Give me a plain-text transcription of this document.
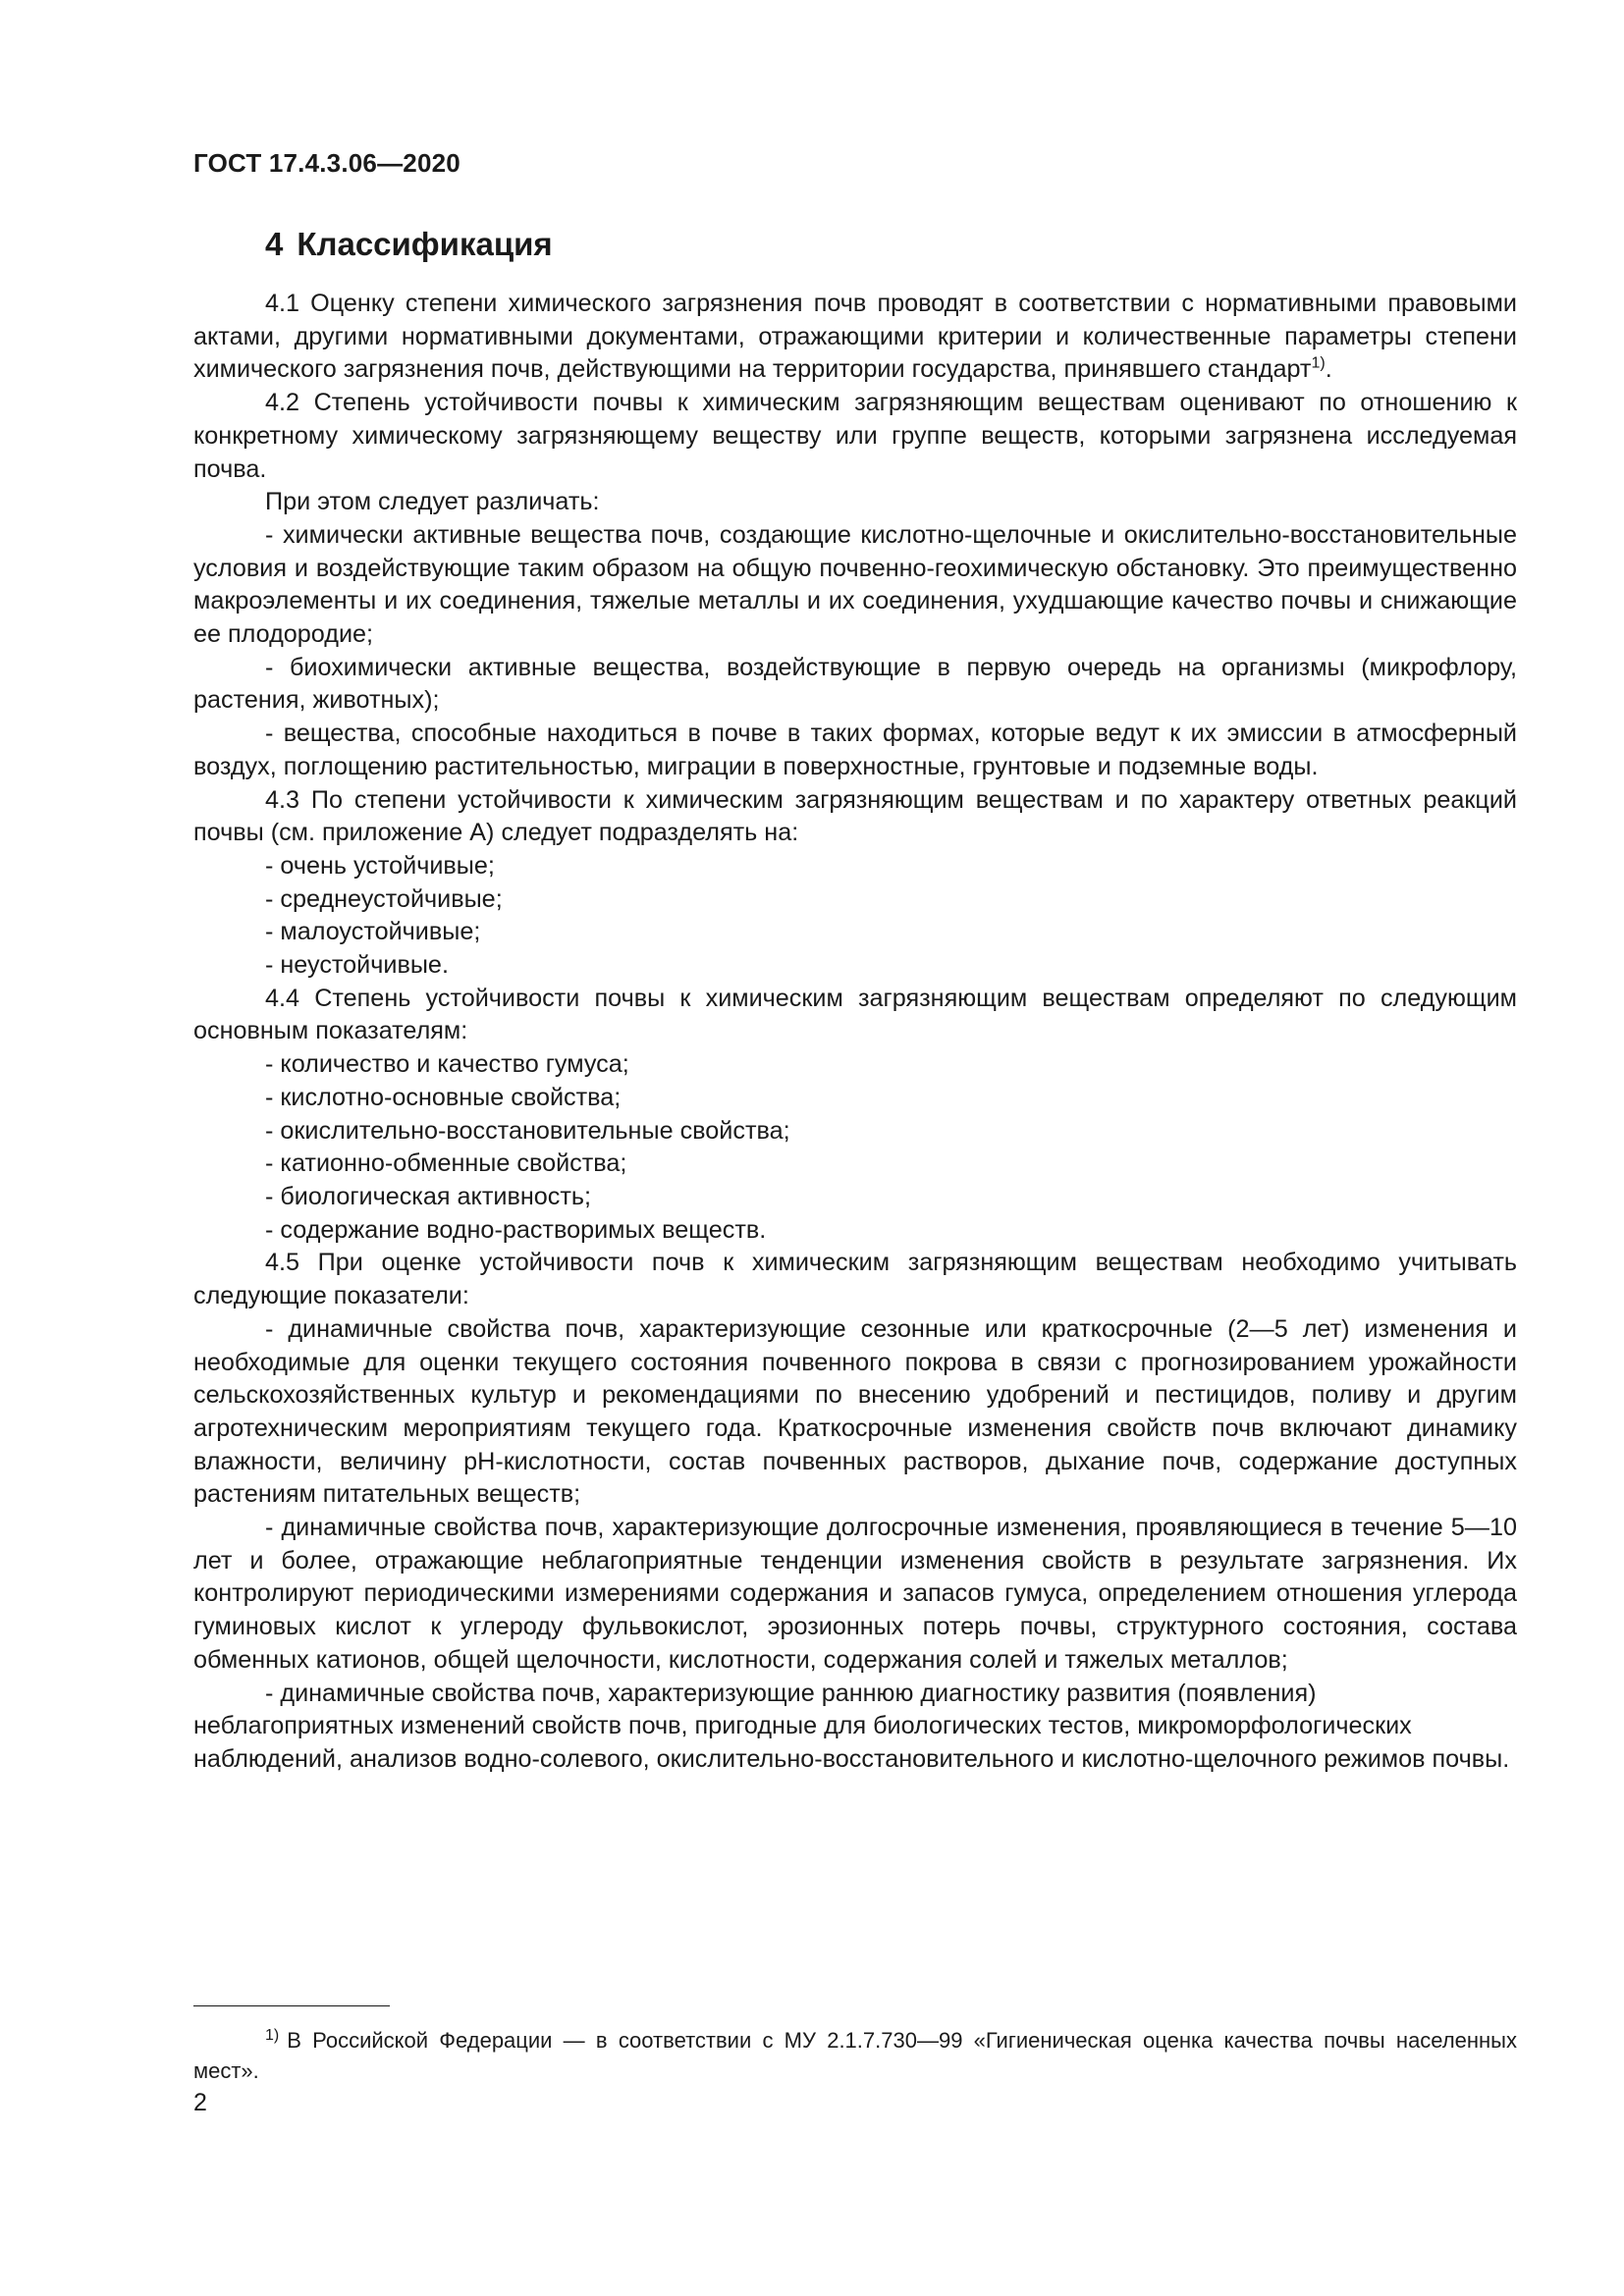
ГОСТ 17.4.3.06—2020
4 Классификация

4.1 Оценку степени химического загрязнения почв проводят в соответствии с нормативными правовыми актами, другими нормативными документами, отражающими критерии и количественные параметры степени химического загрязнения почв, действующими на территории государства, принявшего стандарт$^{1)}$.

4.2 Степень устойчивости почвы к химическим загрязняющим веществам оценивают по отношению к конкретному химическому загрязняющему веществу или группе веществ, которыми загрязнена исследуемая почва.

При этом следует различать:

- химически активные вещества почв, создающие кислотно-щелочные и окислительно-восстановительные условия и воздействующие таким образом на общую почвенно-геохимическую обстановку. Это преимущественно макроэлементы и их соединения, тяжелые металлы и их соединения, ухудшающие качество почвы и снижающие ее плодородие;

- биохимически активные вещества, воздействующие в первую очередь на организмы (микрофлору, растения, животных);

- вещества, способные находиться в почве в таких формах, которые ведут к их эмиссии в атмосферный воздух, поглощению растительностью, миграции в поверхностные, грунтовые и подземные воды.

4.3 По степени устойчивости к химическим загрязняющим веществам и по характеру ответных реакций почвы (см. приложение А) следует подразделять на:

- очень устойчивые;

- среднеустойчивые;

- малоустойчивые;

- неустойчивые.

4.4 Степень устойчивости почвы к химическим загрязняющим веществам определяют по следующим основным показателям:

- количество и качество гумуса;

- кислотно-основные свойства;

- окислительно-восстановительные свойства;

- катионно-обменные свойства;

- биологическая активность;

- содержание водно-растворимых веществ.

4.5 При оценке устойчивости почв к химическим загрязняющим веществам необходимо учитывать следующие показатели:

- динамичные свойства почв, характеризующие сезонные или краткосрочные (2—5 лет) изменения и необходимые для оценки текущего состояния почвенного покрова в связи с прогнозированием урожайности сельскохозяйственных культур и рекомендациями по внесению удобрений и пестицидов, поливу и другим агротехническим мероприятиям текущего года. Краткосрочные изменения свойств почв включают динамику влажности, величину рН-кислотности, состав почвенных растворов, дыхание почв, содержание доступных растениям питательных веществ;

- динамичные свойства почв, характеризующие долгосрочные изменения, проявляющиеся в течение 5—10 лет и более, отражающие неблагоприятные тенденции изменения свойств в результате загрязнения. Их контролируют периодическими измерениями содержания и запасов гумуса, определением отношения углерода гуминовых кислот к углероду фульвокислот, эрозионных потерь почвы, структурного состояния, состава обменных катионов, общей щелочности, кислотности, содержания солей и тяжелых металлов;

- динамичные свойства почв, характеризующие раннюю диагностику развития (появления) неблагоприятных изменений свойств почв, пригодные для биологических тестов, микроморфологических наблюдений, анализов водно-солевого, окислительно-восстановительного и кислотно-щелочного режимов почвы.

$^{1)}$ В Российской Федерации — в соответствии с МУ 2.1.7.730—99 «Гигиеническая оценка качества почвы населенных мест».
2
